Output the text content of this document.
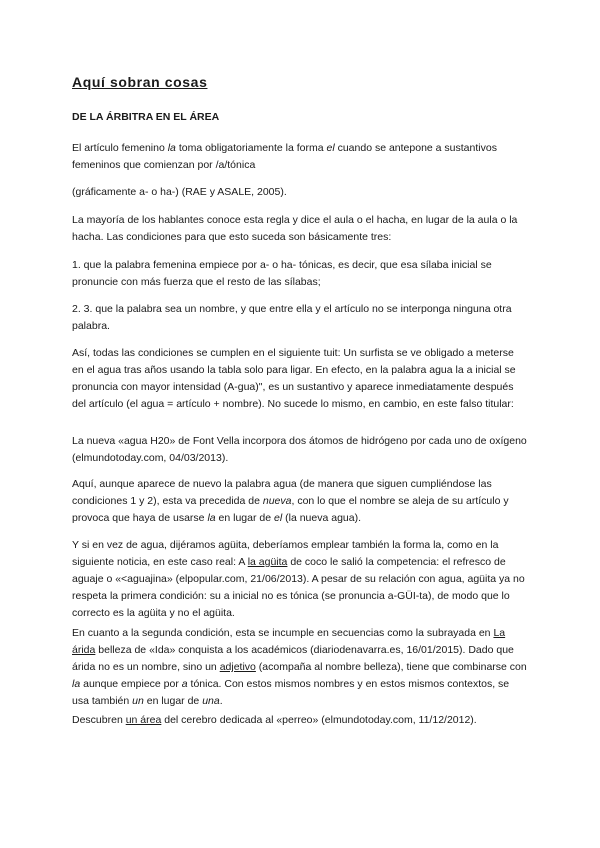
Aquí sobran cosas
DE LA ÁRBITRA EN EL ÁREA

El artículo femenino la toma obligatoriamente la forma el cuando se antepone a sustantivos femeninos que comienzan por /a/tónica

(gráficamente a- o ha-) (RAE y ASALE, 2005).

La mayoría de los hablantes conoce esta regla y dice el aula o el hacha, en lugar de la aula o la hacha. Las condiciones para que esto suceda son básicamente tres:

1. que la palabra femenina empiece por a- o ha- tónicas, es decir, que esa sílaba inicial se pronuncie con más fuerza que el resto de las sílabas;

2. 3. que la palabra sea un nombre, y que entre ella y el artículo no se interponga ninguna otra palabra.

Así, todas las condiciones se cumplen en el siguiente tuit: Un surfista se ve obligado a meterse en el agua tras años usando la tabla solo para ligar. En efecto, en la palabra agua la a inicial se pronuncia con mayor intensidad (A-gua)", es un sustantivo y aparece inmediatamente después del artículo (el agua = artículo + nombre). No sucede lo mismo, en cambio, en este falso titular:

La nueva «agua H20» de Font Vella incorpora dos átomos de hidrógeno por cada uno de oxígeno (elmundotoday.com, 04/03/2013).

Aquí, aunque aparece de nuevo la palabra agua (de manera que siguen cumpliéndose las condiciones 1 y 2), esta va precedida de nueva, con lo que el nombre se aleja de su artículo y provoca que haya de usarse la en lugar de el (la nueva agua).

Y si en vez de agua, dijéramos agüita, deberíamos emplear también la forma la, como en la siguiente noticia, en este caso real: A la agüita de coco le salió la competencia: el refresco de aguaje o «<aguajina» (elpopular.com, 21/06/2013). A pesar de su relación con agua, agüita ya no respeta la primera condición: su a inicial no es tónica (se pronuncia a-GÜI-ta), de modo que lo correcto es la agüita y no el agüita.

En cuanto a la segunda condición, esta se incumple en secuencias como la subrayada en La árida belleza de «Ida» conquista a los académicos (diariodenavarra.es, 16/01/2015). Dado que árida no es un nombre, sino un adjetivo (acompaña al nombre belleza), tiene que combinarse con la aunque empiece por a tónica. Con estos mismos nombres y en estos mismos contextos, se usa también un en lugar de una.

Descubren un área del cerebro dedicada al «perreo» (elmundotoday.com, 11/12/2012).
